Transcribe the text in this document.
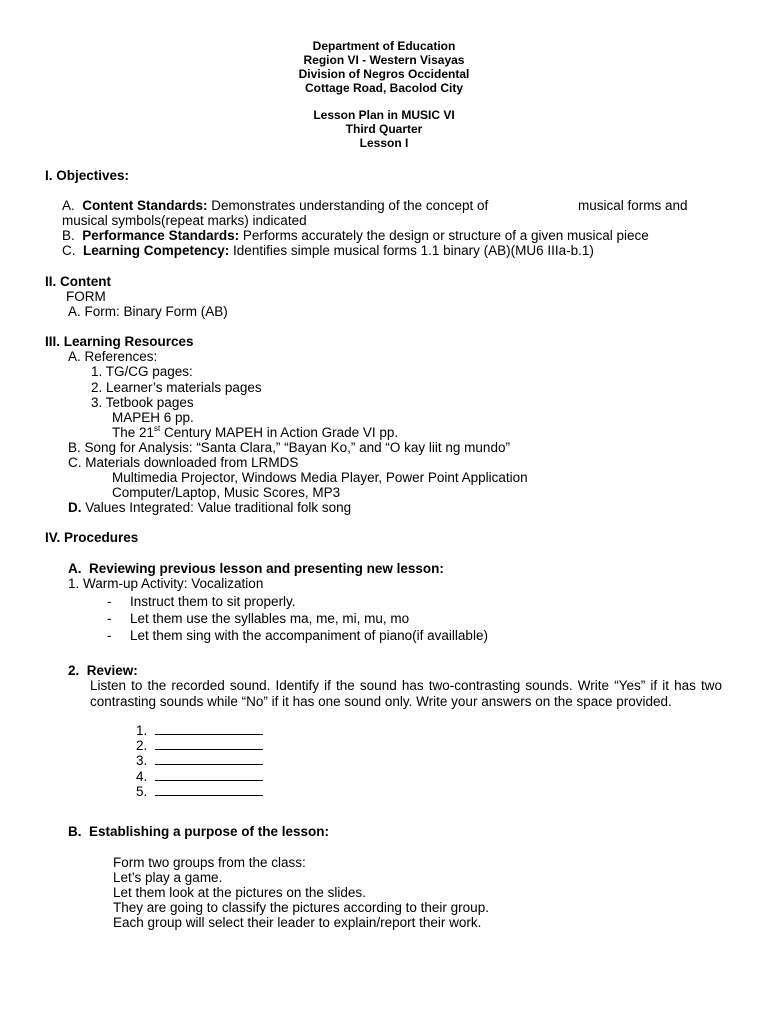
Department of Education
Region VI - Western Visayas
Division of Negros Occidental
Cottage Road, Bacolod City
Lesson Plan in MUSIC VI
Third Quarter
Lesson I
I. Objectives:
A. Content Standards: Demonstrates understanding of the concept of	musical forms and
musical symbols(repeat marks) indicated
B. Performance Standards: Performs accurately the design or structure of a given musical piece
C. Learning Competency: Identifies simple musical forms 1.1 binary (AB)(MU6 IIIa-b.1)
II. Content
FORM
A. Form: Binary Form (AB)
III. Learning Resources
A. References:
1. TG/CG pages:
2. Learner’s materials pages
3. Tetbook pages
MAPEH 6 pp.
The 21st Century MAPEH in Action Grade VI pp.
B. Song for Analysis: “Santa Clara,” “Bayan Ko,” and “O kay liit ng mundo”
C. Materials downloaded from LRMDS
Multimedia Projector, Windows Media Player, Power Point Application
Computer/Laptop, Music Scores, MP3
D. Values Integrated: Value traditional folk song
IV. Procedures
A. Reviewing previous lesson and presenting new lesson:
1. Warm-up Activity: Vocalization
- Instruct them to sit properly.
- Let them use the syllables ma, me, mi, mu, mo
- Let them sing with the accompaniment of piano(if availlable)
2. Review:
Listen to the recorded sound. Identify if the sound has two-contrasting sounds. Write “Yes” if it has two contrasting sounds while “No” if it has one sound only. Write your answers on the space provided.
1.
2.
3.
4.
5.
B. Establishing a purpose of the lesson:
Form two groups from the class:
Let’s play a game.
Let them look at the pictures on the slides.
They are going to classify the pictures according to their group.
Each group will select their leader to explain/report their work.
